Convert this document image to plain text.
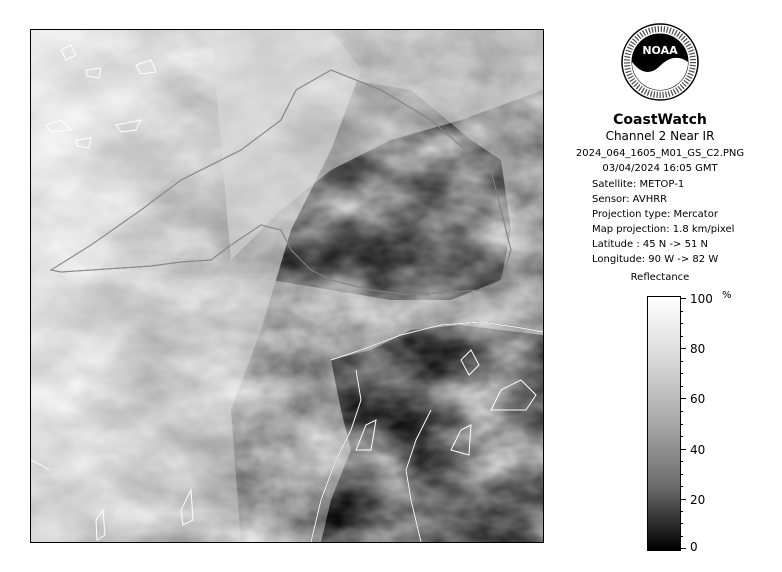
NOAA
CoastWatch
Channel 2 Near IR
2024_064_1605_M01_GS_C2.PNG
03/04/2024 16:05 GMT
Satellite: METOP-1
Sensor: AVHRR
Projection type: Mercator
Map projection: 1.8 km/pixel
Latitude : 45 N -> 51 N
Longitude: 90 W -> 82 W
Reflectance
%
100
80
60
40
20
0
